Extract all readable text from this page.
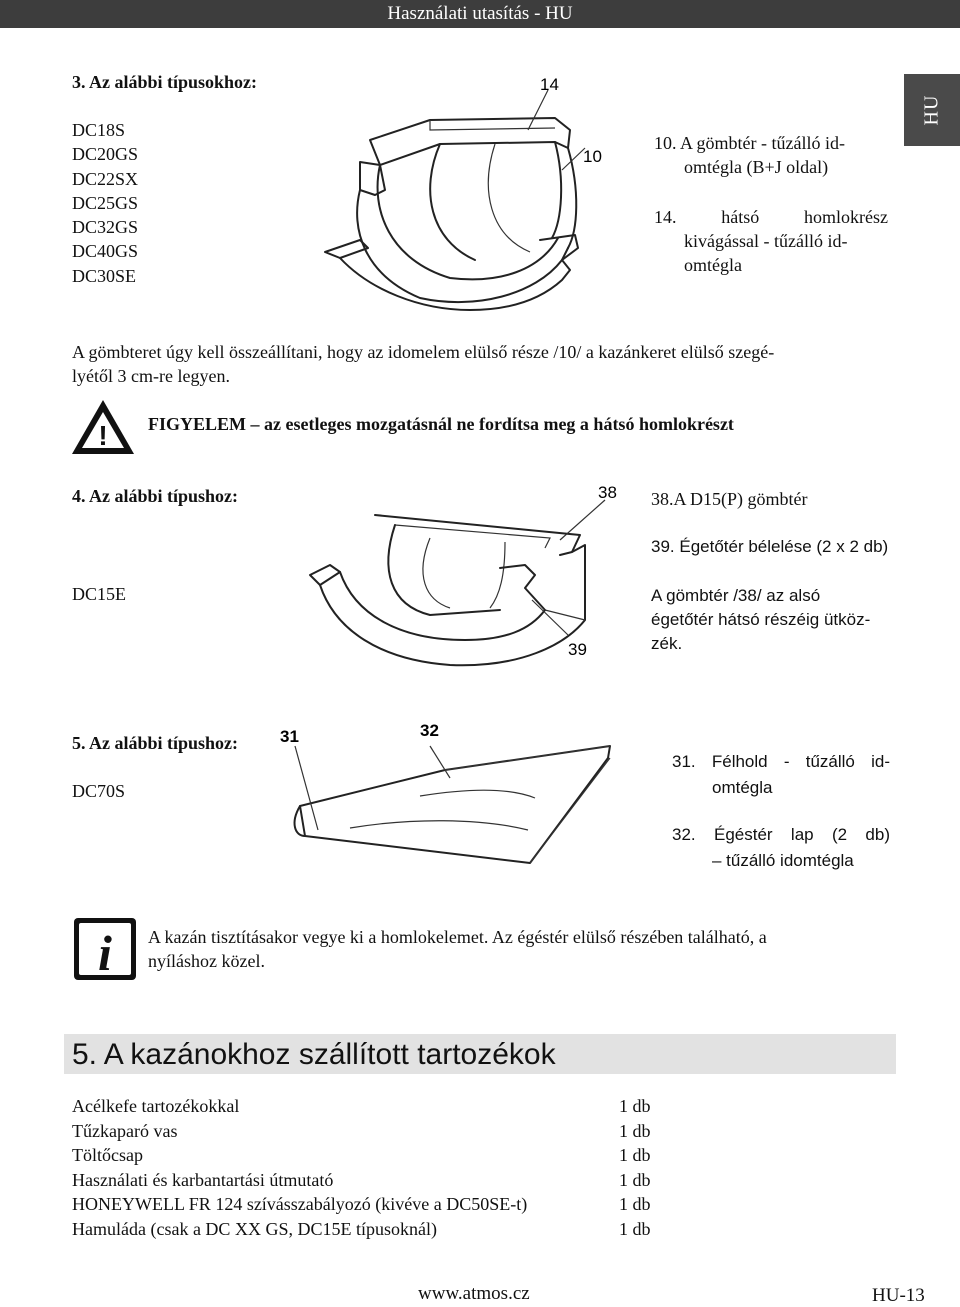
Használati utasítás - HU
HU
3. Az alábbi típusokhoz:
DC18S
DC20GS
DC22SX
DC25GS
DC32GS
DC40GS
DC30SE
14
10
10. A gömbtér - tűzálló id-
omtégla (B+J oldal)
14. hátsó homlokrész
kivágással - tűzálló id-
omtégla
A gömbteret úgy kell összeállítani, hogy az idomelem elülső része /10/ a kazánkeret elülső szegé-
lyétől 3 cm-re legyen.
! FIGYELEM – az esetleges mozgatásnál ne fordítsa meg a hátsó homlokrészt
4. Az alábbi típushoz:
DC15E
38
39
38.A D15(P) gömbtér
39. Égetőtér bélelése (2 x 2 db)
A gömbtér /38/ az alsó
égetőtér hátsó részéig ütköz-
zék.
5. Az alábbi típushoz:
DC70S
31	32
31. Félhold - tűzálló id-
omtégla
32. Égéstér lap (2 db)
– tűzálló idomtégla
i A kazán tisztításakor vegye ki a homlokelemet. Az égéstér elülső részében található, a
nyíláshoz közel.
5. A kazánokhoz szállított tartozékok
Acélkefe tartozékokkal	1 db
Tűzkaparó vas	1 db
Töltőcsap	1 db
Használati és karbantartási útmutató	1 db
HONEYWELL FR 124 szívásszabályozó (kivéve a DC50SE-t)	1 db
Hamuláda (csak a DC XX GS, DC15E típusoknál)	1 db
www.atmos.cz	HU-13
